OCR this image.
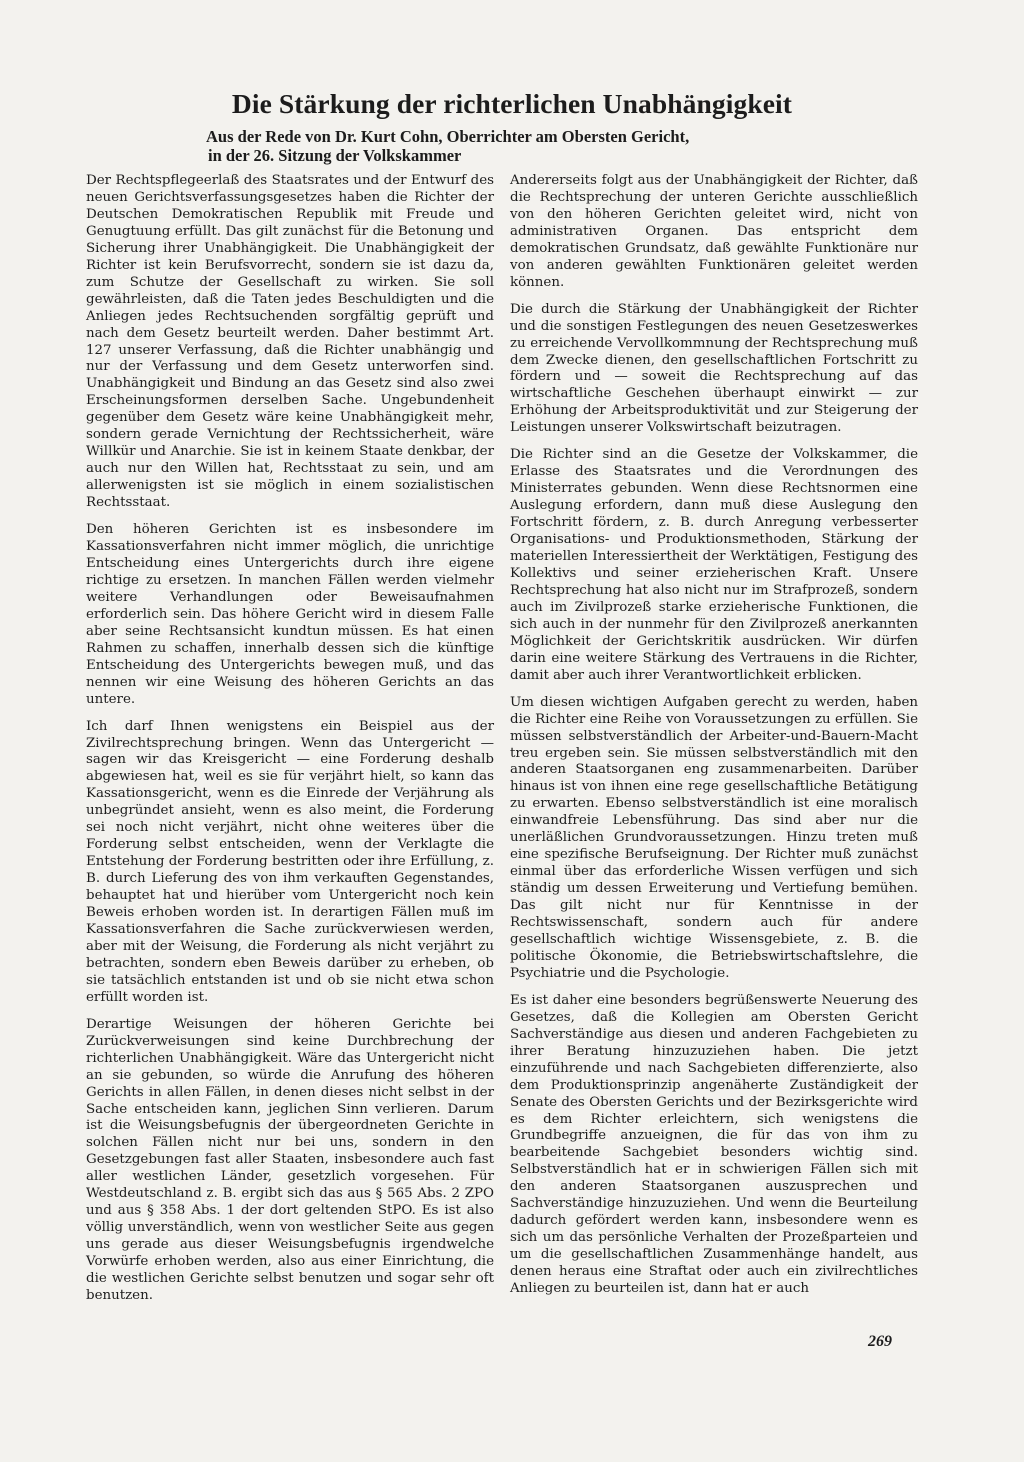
Die Stärkung der richterlichen Unabhängigkeit
Aus der Rede von Dr. Kurt Cohn, Oberrichter am Obersten Gericht,
in der 26. Sitzung der Volkskammer

Der Rechtspflegeerlaß des Staatsrates und der Entwurf des neuen Gerichtsverfassungsgesetzes haben die Richter der Deutschen Demokratischen Republik mit Freude und Genugtuung erfüllt. Das gilt zunächst für die Betonung und Sicherung ihrer Unabhängigkeit. Die Unabhängigkeit der Richter ist kein Berufsvorrecht, sondern sie ist dazu da, zum Schutze der Gesellschaft zu wirken. Sie soll gewährleisten, daß die Taten jedes Beschuldigten und die Anliegen jedes Rechtsuchenden sorgfältig geprüft und nach dem Gesetz beurteilt werden. Daher bestimmt Art. 127 unserer Verfassung, daß die Richter unabhängig und nur der Verfassung und dem Gesetz unterworfen sind. Unabhängigkeit und Bindung an das Gesetz sind also zwei Erscheinungsformen derselben Sache. Ungebundenheit gegenüber dem Gesetz wäre keine Unabhängigkeit mehr, sondern gerade Vernichtung der Rechtssicherheit, wäre Willkür und Anarchie. Sie ist in keinem Staate denkbar, der auch nur den Willen hat, Rechtsstaat zu sein, und am allerwenigsten ist sie möglich in einem sozialistischen Rechtsstaat.

Den höheren Gerichten ist es insbesondere im Kassationsverfahren nicht immer möglich, die unrichtige Entscheidung eines Untergerichts durch ihre eigene richtige zu ersetzen. In manchen Fällen werden vielmehr weitere Verhandlungen oder Beweisaufnahmen erforderlich sein. Das höhere Gericht wird in diesem Falle aber seine Rechtsansicht kundtun müssen. Es hat einen Rahmen zu schaffen, innerhalb dessen sich die künftige Entscheidung des Untergerichts bewegen muß, und das nennen wir eine Weisung des höheren Gerichts an das untere.

Ich darf Ihnen wenigstens ein Beispiel aus der Zivilrechtsprechung bringen. Wenn das Untergericht — sagen wir das Kreisgericht — eine Forderung deshalb abgewiesen hat, weil es sie für verjährt hielt, so kann das Kassationsgericht, wenn es die Einrede der Verjährung als unbegründet ansieht, wenn es also meint, die Forderung sei noch nicht verjährt, nicht ohne weiteres über die Forderung selbst entscheiden, wenn der Verklagte die Entstehung der Forderung bestritten oder ihre Erfüllung, z. B. durch Lieferung des von ihm verkauften Gegenstandes, behauptet hat und hierüber vom Untergericht noch kein Beweis erhoben worden ist. In derartigen Fällen muß im Kassationsverfahren die Sache zurückverwiesen werden, aber mit der Weisung, die Forderung als nicht verjährt zu betrachten, sondern eben Beweis darüber zu erheben, ob sie tatsächlich entstanden ist und ob sie nicht etwa schon erfüllt worden ist.

Derartige Weisungen der höheren Gerichte bei Zurückverweisungen sind keine Durchbrechung der richterlichen Unabhängigkeit. Wäre das Untergericht nicht an sie gebunden, so würde die Anrufung des höheren Gerichts in allen Fällen, in denen dieses nicht selbst in der Sache entscheiden kann, jeglichen Sinn verlieren. Darum ist die Weisungsbefugnis der übergeordneten Gerichte in solchen Fällen nicht nur bei uns, sondern in den Gesetzgebungen fast aller Staaten, insbesondere auch fast aller westlichen Länder, gesetzlich vorgesehen. Für Westdeutschland z. B. ergibt sich das aus § 565 Abs. 2 ZPO und aus § 358 Abs. 1 der dort geltenden StPO. Es ist also völlig unverständlich, wenn von westlicher Seite aus gegen uns gerade aus dieser Weisungsbefugnis irgendwelche Vorwürfe erhoben werden, also aus einer Einrichtung, die die westlichen Gerichte selbst benutzen und sogar sehr oft benutzen.

Andererseits folgt aus der Unabhängigkeit der Richter, daß die Rechtsprechung der unteren Gerichte ausschließlich von den höheren Gerichten geleitet wird, nicht von administrativen Organen. Das entspricht dem demokratischen Grundsatz, daß gewählte Funktionäre nur von anderen gewählten Funktionären geleitet werden können.

Die durch die Stärkung der Unabhängigkeit der Richter und die sonstigen Festlegungen des neuen Gesetzeswerkes zu erreichende Vervollkommnung der Rechtsprechung muß dem Zwecke dienen, den gesellschaftlichen Fortschritt zu fördern und — soweit die Rechtsprechung auf das wirtschaftliche Geschehen überhaupt einwirkt — zur Erhöhung der Arbeitsproduktivität und zur Steigerung der Leistungen unserer Volkswirtschaft beizutragen.

Die Richter sind an die Gesetze der Volkskammer, die Erlasse des Staatsrates und die Verordnungen des Ministerrates gebunden. Wenn diese Rechtsnormen eine Auslegung erfordern, dann muß diese Auslegung den Fortschritt fördern, z. B. durch Anregung verbesserter Organisations- und Produktionsmethoden, Stärkung der materiellen Interessiertheit der Werktätigen, Festigung des Kollektivs und seiner erzieherischen Kraft. Unsere Rechtsprechung hat also nicht nur im Strafprozeß, sondern auch im Zivilprozeß starke erzieherische Funktionen, die sich auch in der nunmehr für den Zivilprozeß anerkannten Möglichkeit der Gerichtskritik ausdrücken. Wir dürfen darin eine weitere Stärkung des Vertrauens in die Richter, damit aber auch ihrer Verantwortlichkeit erblicken.

Um diesen wichtigen Aufgaben gerecht zu werden, haben die Richter eine Reihe von Voraussetzungen zu erfüllen. Sie müssen selbstverständlich der Arbeiter-und-Bauern-Macht treu ergeben sein. Sie müssen selbstverständlich mit den anderen Staatsorganen eng zusammenarbeiten. Darüber hinaus ist von ihnen eine rege gesellschaftliche Betätigung zu erwarten. Ebenso selbstverständlich ist eine moralisch einwandfreie Lebensführung. Das sind aber nur die unerläßlichen Grundvoraussetzungen. Hinzu treten muß eine spezifische Berufseignung. Der Richter muß zunächst einmal über das erforderliche Wissen verfügen und sich ständig um dessen Erweiterung und Vertiefung bemühen. Das gilt nicht nur für Kenntnisse in der Rechtswissenschaft, sondern auch für andere gesellschaftlich wichtige Wissensgebiete, z. B. die politische Ökonomie, die Betriebswirtschaftslehre, die Psychiatrie und die Psychologie.

Es ist daher eine besonders begrüßenswerte Neuerung des Gesetzes, daß die Kollegien am Obersten Gericht Sachverständige aus diesen und anderen Fachgebieten zu ihrer Beratung hinzuzuziehen haben. Die jetzt einzuführende und nach Sachgebieten differenzierte, also dem Produktionsprinzip angenäherte Zuständigkeit der Senate des Obersten Gerichts und der Bezirksgerichte wird es dem Richter erleichtern, sich wenigstens die Grundbegriffe anzueignen, die für das von ihm zu bearbeitende Sachgebiet besonders wichtig sind. Selbstverständlich hat er in schwierigen Fällen sich mit den anderen Staatsorganen auszusprechen und Sachverständige hinzuzuziehen. Und wenn die Beurteilung dadurch gefördert werden kann, insbesondere wenn es sich um das persönliche Verhalten der Prozeßparteien und um die gesellschaftlichen Zusammenhänge handelt, aus denen heraus eine Straftat oder auch ein zivilrechtliches Anliegen zu beurteilen ist, dann hat er auch

269
